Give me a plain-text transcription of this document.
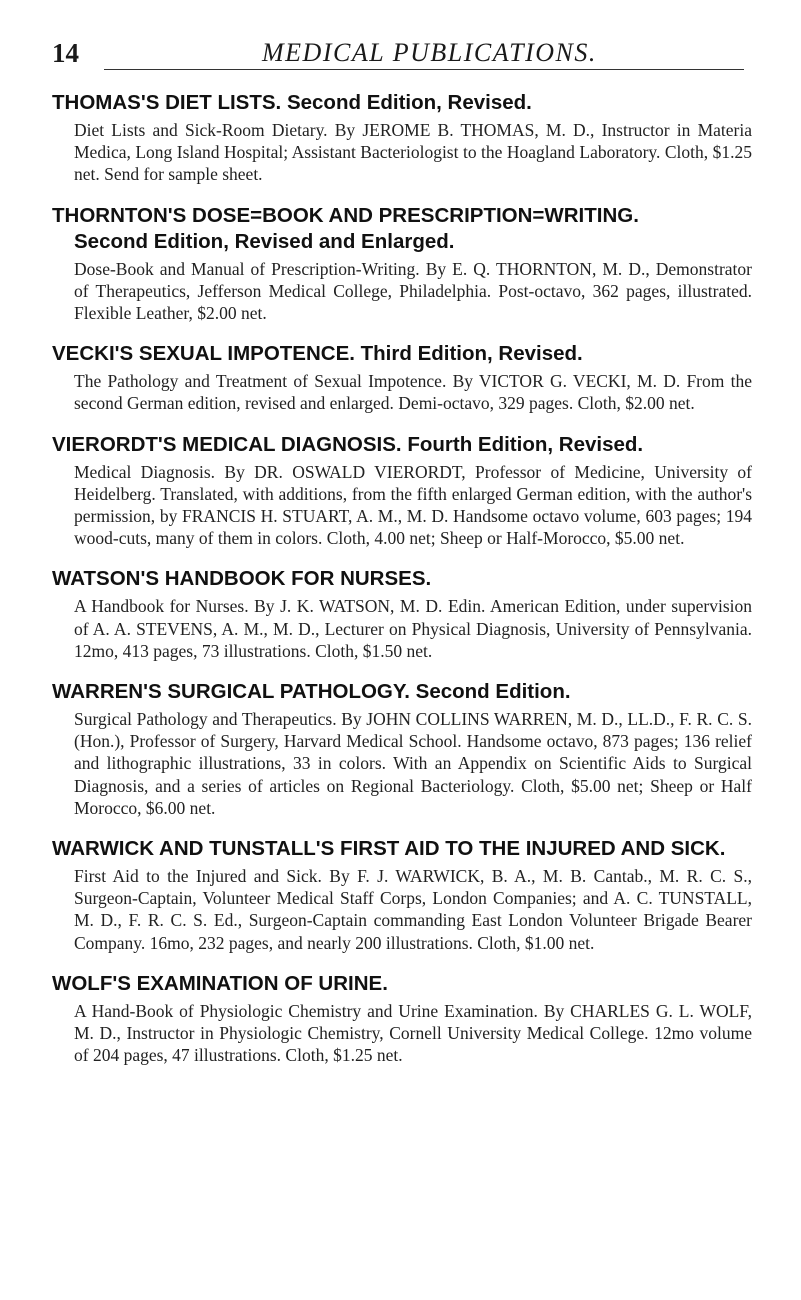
14	MEDICAL PUBLICATIONS.

THOMAS'S DIET LISTS. Second Edition, Revised.

Diet Lists and Sick-Room Dietary. By JEROME B. THOMAS, M. D., Instructor in Materia Medica, Long Island Hospital; Assistant Bacteriologist to the Hoagland Laboratory. Cloth, $1.25 net. Send for sample sheet.

THORNTON'S DOSE=BOOK AND PRESCRIPTION=WRITING.
Second Edition, Revised and Enlarged.

Dose-Book and Manual of Prescription-Writing. By E. Q. THORNTON, M. D., Demonstrator of Therapeutics, Jefferson Medical College, Philadelphia. Post-octavo, 362 pages, illustrated. Flexible Leather, $2.00 net.

VECKI'S SEXUAL IMPOTENCE. Third Edition, Revised.

The Pathology and Treatment of Sexual Impotence. By VICTOR G. VECKI, M. D. From the second German edition, revised and enlarged. Demi-octavo, 329 pages. Cloth, $2.00 net.

VIERORDT'S MEDICAL DIAGNOSIS. Fourth Edition, Revised.

Medical Diagnosis. By DR. OSWALD VIERORDT, Professor of Medicine, University of Heidelberg. Translated, with additions, from the fifth enlarged German edition, with the author's permission, by FRANCIS H. STUART, A. M., M. D. Handsome octavo volume, 603 pages; 194 wood-cuts, many of them in colors. Cloth, 4.00 net; Sheep or Half-Morocco, $5.00 net.

WATSON'S HANDBOOK FOR NURSES.

A Handbook for Nurses. By J. K. WATSON, M. D. Edin. American Edition, under supervision of A. A. STEVENS, A. M., M. D., Lecturer on Physical Diagnosis, University of Pennsylvania. 12mo, 413 pages, 73 illustrations. Cloth, $1.50 net.

WARREN'S SURGICAL PATHOLOGY. Second Edition.

Surgical Pathology and Therapeutics. By JOHN COLLINS WARREN, M. D., LL.D., F. R. C. S. (Hon.), Professor of Surgery, Harvard Medical School. Handsome octavo, 873 pages; 136 relief and lithographic illustrations, 33 in colors. With an Appendix on Scientific Aids to Surgical Diagnosis, and a series of articles on Regional Bacteriology. Cloth, $5.00 net; Sheep or Half Morocco, $6.00 net.

WARWICK AND TUNSTALL'S FIRST AID TO THE INJURED AND SICK.

First Aid to the Injured and Sick. By F. J. WARWICK, B. A., M. B. Cantab., M. R. C. S., Surgeon-Captain, Volunteer Medical Staff Corps, London Companies; and A. C. TUNSTALL, M. D., F. R. C. S. Ed., Surgeon-Captain commanding East London Volunteer Brigade Bearer Company. 16mo, 232 pages, and nearly 200 illustrations. Cloth, $1.00 net.

WOLF'S EXAMINATION OF URINE.

A Hand-Book of Physiologic Chemistry and Urine Examination. By CHARLES G. L. WOLF, M. D., Instructor in Physiologic Chemistry, Cornell University Medical College. 12mo volume of 204 pages, 47 illustrations. Cloth, $1.25 net.
